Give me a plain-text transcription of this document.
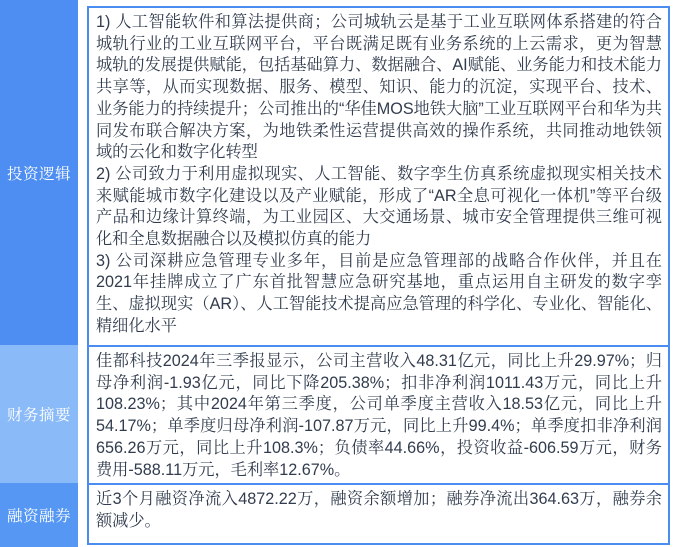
投资逻辑
财务摘要
融资融券

1) 人工智能软件和算法提供商；公司城轨云是基于工业互联网体系搭建的符合城轨行业的工业互联网平台，平台既满足既有业务系统的上云需求，更为智慧城轨的发展提供赋能，包括基础算力、数据融合、AI赋能、业务能力和技术能力共享等，从而实现数据、服务、模型、知识、能力的沉淀，实现平台、技术、业务能力的持续提升；公司推出的“华佳MOS地铁大脑”工业互联网平台和华为共同发布联合解决方案，为地铁柔性运营提供高效的操作系统，共同推动地铁领域的云化和数字化转型

2) 公司致力于利用虚拟现实、人工智能、数字孪生仿真系统虚拟现实相关技术来赋能城市数字化建设以及产业赋能，形成了“AR全息可视化一体机”等平台级产品和边缘计算终端，为工业园区、大交通场景、城市安全管理提供三维可视化和全息数据融合以及模拟仿真的能力

3) 公司深耕应急管理专业多年，目前是应急管理部的战略合作伙伴，并且在2021年挂牌成立了广东首批智慧应急研究基地，重点运用自主研发的数字孪生、虚拟现实（AR）、人工智能技术提高应急管理的科学化、专业化、智能化、精细化水平

佳都科技2024年三季报显示，公司主营收入48.31亿元，同比上升29.97%；归母净利润-1.93亿元，同比下降205.38%；扣非净利润1011.43万元，同比上升108.23%；其中2024年第三季度，公司单季度主营收入18.53亿元，同比上升54.17%；单季度归母净利润-107.87万元，同比上升99.4%；单季度扣非净利润656.26万元，同比上升108.3%；负债率44.66%，投资收益-606.59万元，财务费用-588.11万元，毛利率12.67%。

近3个月融资净流入4872.22万，融资余额增加；融券净流出364.63万，融券余额减少。
